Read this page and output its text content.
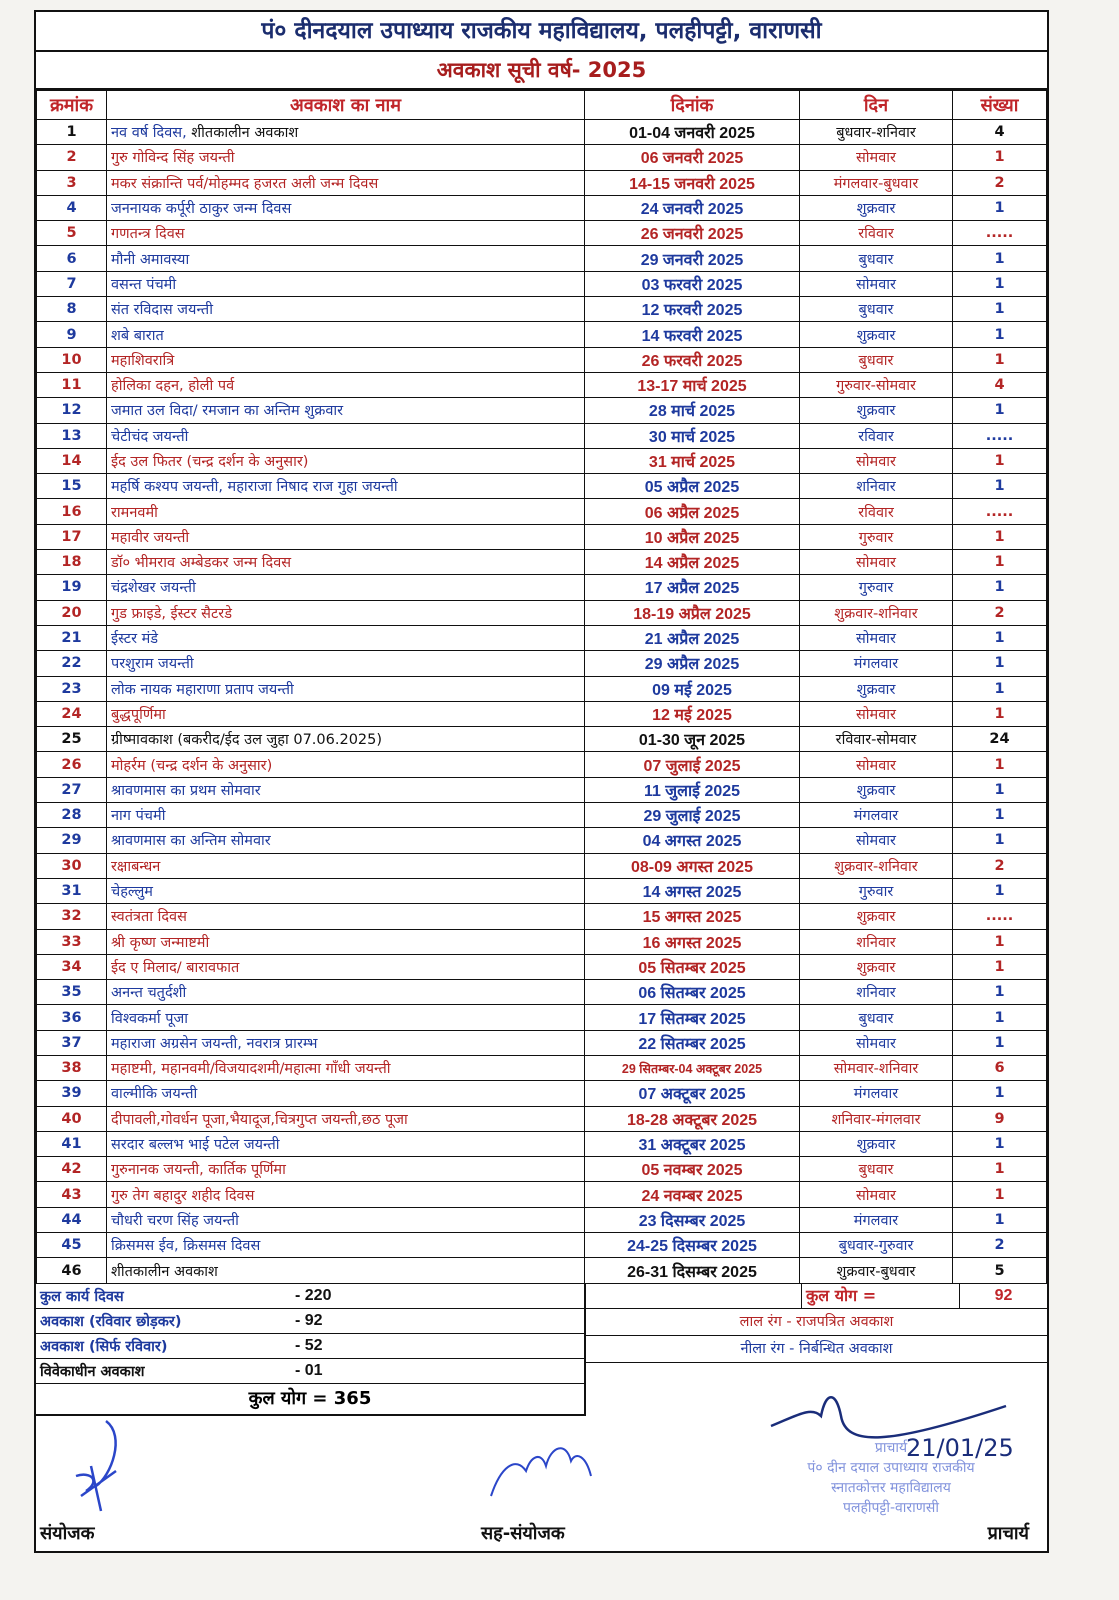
पं० दीनदयाल उपाध्याय राजकीय महाविद्यालय, पलहीपट्टी, वाराणसी
अवकाश सूची वर्ष- 2025
क्रमांक	अवकाश का नाम	दिनांक	दिन	संख्या
1	नव वर्ष दिवस, शीतकालीन अवकाश	01-04 जनवरी 2025	बुधवार-शनिवार	4
2	गुरु गोविन्द सिंह जयन्ती	06 जनवरी 2025	सोमवार	1
3	मकर संक्रान्ति पर्व/मोहम्मद हजरत अली जन्म दिवस	14-15 जनवरी 2025	मंगलवार-बुधवार	2
4	जननायक कर्पूरी ठाकुर जन्म दिवस	24 जनवरी 2025	शुक्रवार	1
5	गणतन्त्र दिवस	26 जनवरी 2025	रविवार	.....
6	मौनी अमावस्या	29 जनवरी 2025	बुधवार	1
7	वसन्त पंचमी	03 फरवरी 2025	सोमवार	1
8	संत रविदास जयन्ती	12 फरवरी 2025	बुधवार	1
9	शबे बारात	14 फरवरी 2025	शुक्रवार	1
10	महाशिवरात्रि	26 फरवरी 2025	बुधवार	1
11	होलिका दहन, होली पर्व	13-17 मार्च 2025	गुरुवार-सोमवार	4
12	जमात उल विदा/ रमजान का अन्तिम शुक्रवार	28 मार्च 2025	शुक्रवार	1
13	चेटीचंद जयन्ती	30 मार्च 2025	रविवार	.....
14	ईद उल फितर (चन्द्र दर्शन के अनुसार)	31 मार्च 2025	सोमवार	1
15	महर्षि कश्यप जयन्ती, महाराजा निषाद राज गुहा जयन्ती	05 अप्रैल 2025	शनिवार	1
16	रामनवमी	06 अप्रैल 2025	रविवार	.....
17	महावीर जयन्ती	10 अप्रैल 2025	गुरुवार	1
18	डॉ० भीमराव अम्बेडकर जन्म दिवस	14 अप्रैल 2025	सोमवार	1
19	चंद्रशेखर जयन्ती	17 अप्रैल 2025	गुरुवार	1
20	गुड फ्राइडे, ईस्टर सैटरडे	18-19 अप्रैल 2025	शुक्रवार-शनिवार	2
21	ईस्टर मंडे	21 अप्रैल 2025	सोमवार	1
22	परशुराम जयन्ती	29 अप्रैल 2025	मंगलवार	1
23	लोक नायक महाराणा प्रताप जयन्ती	09 मई 2025	शुक्रवार	1
24	बुद्धपूर्णिमा	12 मई 2025	सोमवार	1
25	ग्रीष्मावकाश (बकरीद/ईद उल जुहा 07.06.2025)	01-30 जून 2025	रविवार-सोमवार	24
26	मोहर्रम (चन्द्र दर्शन के अनुसार)	07 जुलाई 2025	सोमवार	1
27	श्रावणमास का प्रथम सोमवार	11 जुलाई 2025	शुक्रवार	1
28	नाग पंचमी	29 जुलाई 2025	मंगलवार	1
29	श्रावणमास का अन्तिम सोमवार	04 अगस्त 2025	सोमवार	1
30	रक्षाबन्धन	08-09 अगस्त 2025	शुक्रवार-शनिवार	2
31	चेहल्लुम	14 अगस्त 2025	गुरुवार	1
32	स्वतंत्रता दिवस	15 अगस्त 2025	शुक्रवार	.....
33	श्री कृष्ण जन्माष्टमी	16 अगस्त 2025	शनिवार	1
34	ईद ए मिलाद/ बारावफात	05 सितम्बर 2025	शुक्रवार	1
35	अनन्त चतुर्दशी	06 सितम्बर 2025	शनिवार	1
36	विश्वकर्मा पूजा	17 सितम्बर 2025	बुधवार	1
37	महाराजा अग्रसेन जयन्ती, नवरात्र प्रारम्भ	22 सितम्बर 2025	सोमवार	1
38	महाष्टमी, महानवमी/विजयादशमी/महात्मा गाँधी जयन्ती	29 सितम्बर-04 अक्टूबर 2025	सोमवार-शनिवार	6
39	वाल्मीकि जयन्ती	07 अक्टूबर 2025	मंगलवार	1
40	दीपावली,गोवर्धन पूजा,भैयादूज,चित्रगुप्त जयन्ती,छठ पूजा	18-28 अक्टूबर 2025	शनिवार-मंगलवार	9
41	सरदार बल्लभ भाई पटेल जयन्ती	31 अक्टूबर 2025	शुक्रवार	1
42	गुरुनानक जयन्ती, कार्तिक पूर्णिमा	05 नवम्बर 2025	बुधवार	1
43	गुरु तेग बहादुर शहीद दिवस	24 नवम्बर 2025	सोमवार	1
44	चौधरी चरण सिंह जयन्ती	23 दिसम्बर 2025	मंगलवार	1
45	क्रिसमस ईव, क्रिसमस दिवस	24-25 दिसम्बर 2025	बुधवार-गुरुवार	2
46	शीतकालीन अवकाश	26-31 दिसम्बर 2025	शुक्रवार-बुधवार	5
कुल कार्य दिवस	- 220
अवकाश (रविवार छोड़कर)	- 92
अवकाश (सिर्फ रविवार)	- 52
विवेकाधीन अवकाश	- 01
कुल योग = 365
कुल योग =	92
लाल रंग - राजपत्रित अवकाश
नीला रंग - निर्बन्धित अवकाश
संयोजक	सह-संयोजक
21/01/25
प्राचार्य
पं० दीन दयाल उपाध्याय राजकीय
स्नातकोत्तर महाविद्यालय
पलहीपट्टी-वाराणसी
प्राचार्य
